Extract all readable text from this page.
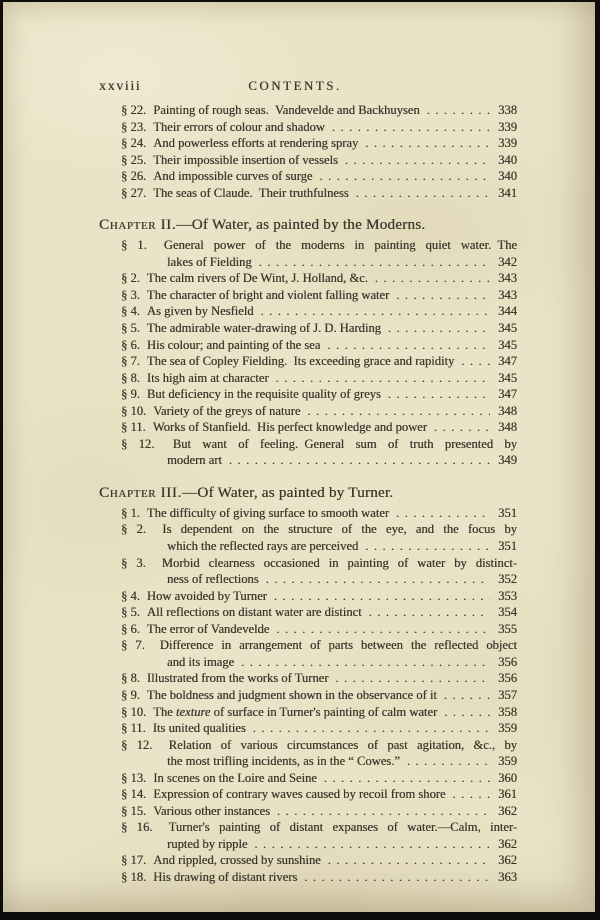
xxviii	CONTENTS.
§ 22. Painting of rough seas. Vandevelde and Backhuysen .....	338
§ 23. Their errors of colour and shadow .....	339
§ 24. And powerless efforts at rendering spray .....	339
§ 25. Their impossible insertion of vessels .....	340
§ 26. And impossible curves of surge .....	340
§ 27. The seas of Claude. Their truthfulness .....	341
Chapter II.—Of Water, as painted by the Moderns.
§ 1. General power of the moderns in painting quiet water. The
lakes of Fielding .....	342
§ 2. The calm rivers of De Wint, J. Holland, &c. .....	343
§ 3. The character of bright and violent falling water .....	343
§ 4. As given by Nesfield .....	344
§ 5. The admirable water-drawing of J. D. Harding .....	345
§ 6. His colour; and painting of the sea .....	345
§ 7. The sea of Copley Fielding. Its exceeding grace and rapidity .....	347
§ 8. Its high aim at character .....	345
§ 9. But deficiency in the requisite quality of greys .....	347
§ 10. Variety of the greys of nature .....	348
§ 11. Works of Stanfield. His perfect knowledge and power .....	348
§ 12. But want of feeling. General sum of truth presented by
modern art .....	349
Chapter III.—Of Water, as painted by Turner.
§ 1. The difficulty of giving surface to smooth water .....	351
§ 2. Is dependent on the structure of the eye, and the focus by
which the reflected rays are perceived .....	351
§ 3. Morbid clearness occasioned in painting of water by distinct-
ness of reflections .....	352
§ 4. How avoided by Turner .....	353
§ 5. All reflections on distant water are distinct .....	354
§ 6. The error of Vandevelde .....	355
§ 7. Difference in arrangement of parts between the reflected object
and its image .....	356
§ 8. Illustrated from the works of Turner .....	356
§ 9. The boldness and judgment shown in the observance of it .....	357
§ 10. The texture of surface in Turner's painting of calm water .....	358
§ 11. Its united qualities .....	359
§ 12. Relation of various circumstances of past agitation, &c., by
the most trifling incidents, as in the “ Cowes.” .....	359
§ 13. In scenes on the Loire and Seine .....	360
§ 14. Expression of contrary waves caused by recoil from shore .....	361
§ 15. Various other instances .....	362
§ 16. Turner's painting of distant expanses of water.—Calm, inter-
rupted by ripple .....	362
§ 17. And rippled, crossed by sunshine .....	362
§ 18. His drawing of distant rivers .....	363
